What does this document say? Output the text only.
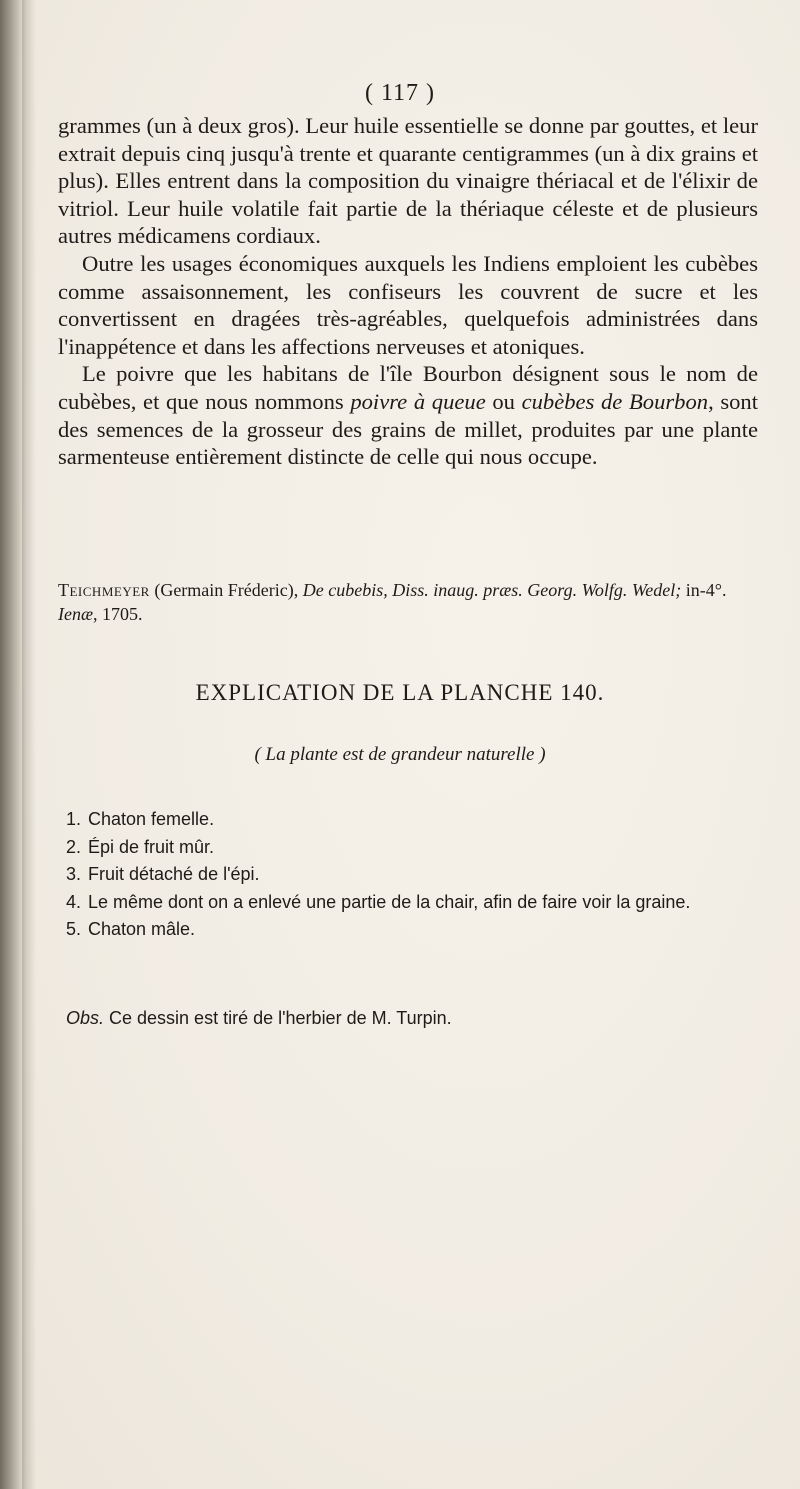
( 117 )

grammes (un à deux gros). Leur huile essentielle se donne par gouttes, et leur extrait depuis cinq jusqu'à trente et quarante centigrammes (un à dix grains et plus). Elles entrent dans la composition du vinaigre thériacal et de l'élixir de vitriol. Leur huile volatile fait partie de la thériaque céleste et de plusieurs autres médicamens cordiaux.

Outre les usages économiques auxquels les Indiens emploient les cubèbes comme assaisonnement, les confiseurs les couvrent de sucre et les convertissent en dragées très-agréables, quelquefois administrées dans l'inappétence et dans les affections nerveuses et atoniques.

Le poivre que les habitans de l'île Bourbon désignent sous le nom de cubèbes, et que nous nommons poivre à queue ou cubèbes de Bourbon, sont des semences de la grosseur des grains de millet, produites par une plante sarmenteuse entièrement distincte de celle qui nous occupe.

Teichmeyer (Germain Fréderic), De cubebis, Diss. inaug. præs. Georg. Wolfg. Wedel; in-4°. Ienæ, 1705.
EXPLICATION DE LA PLANCHE 140.
( La plante est de grandeur naturelle )
1. Chaton femelle.
2. Épi de fruit mûr.
3. Fruit détaché de l'épi.
4. Le même dont on a enlevé une partie de la chair, afin de faire voir la graine.
5. Chaton mâle.
Obs. Ce dessin est tiré de l'herbier de M. Turpin.
